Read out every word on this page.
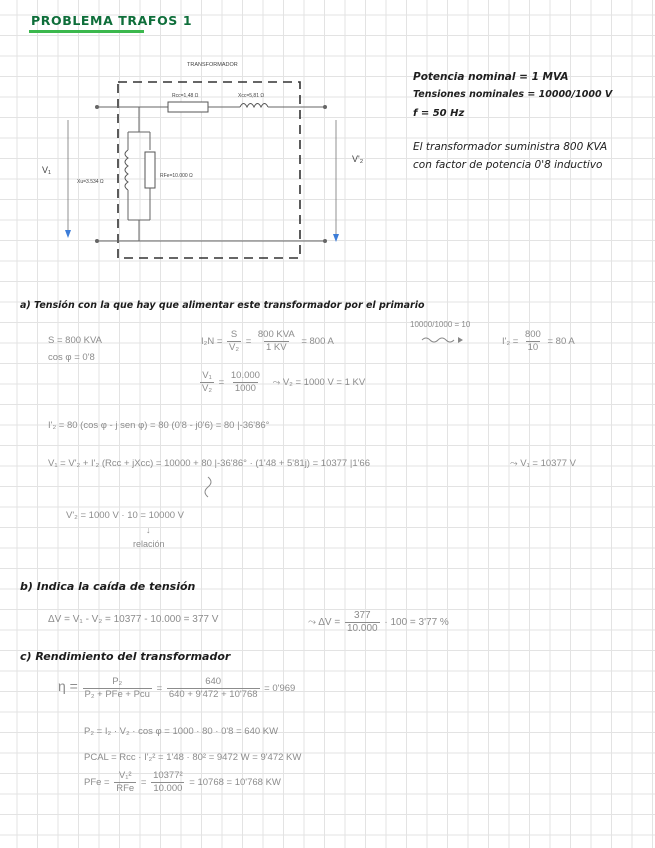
PROBLEMA TRAFOS 1
TRANSFORMADOR
V₁
V'₂
Rcc=1,48 Ω	Xcc=5,81 Ω
Xu=3.534 Ω
RFe=10.000 Ω
Potencia nominal = 1 MVA
Tensiones nominales = 10000/1000 V
f = 50 Hz
El transformador suministra 800 KVA
con factor de potencia 0'8 inductivo
a) Tensión con la que hay que alimentar este transformador por el primario
S = 800 KVA
cos φ = 0'8
$I_2N = \frac{S}{\text{V₂}} = \frac{\text{800 KVA}}{1 KV} = 800$ A
10000/1000 = 10
$I'_2 = \frac{800}{10} = 80$ A
$\frac{\text{V₁}}{\text{V₂}} = \frac{10.000}{1000}$ ⤳ V₂ = 1000 V = 1 KV
I'₂ = 80 (cos φ - j sen φ) = 80 (0'8 - j0'6) = 80 |-36'86°
V₁ = V'₂ + I'₂ (Rcc + jXcc) = 10000 + 80 |-36'86° · (1'48 + 5'81j) = 10377 |1'66	⤳ V₁ = 10377 V
V'₂ = 1000 V · 10 = 10000 V
↓
relación
b) Indica la caída de tensión
ΔV = V₁ - V₂ = 10377 - 10.000 = 377 V	⤳ $\Delta V = \frac{377}{10.000} \cdot 100 = 3'77$ %
c) Rendimiento del transformador
$\eta = \frac{\text{P₂}}{\text{P₂ + PFe + Pcu}} = \frac{640}{640 + 9'472 + 10'768} = 0'969$
P₂ = I₂ · V₂ · cos φ = 1000 · 80 · 0'8 = 640 KW
PCAL = Rcc · I'₂² = 1'48 · 80² = 9472 W = 9'472 KW
PFe = $\frac{\text{V₁²}}{\text{RFe}} = \frac{\text{10377²}}{10.000} = 10768 = 10'768$ KW
